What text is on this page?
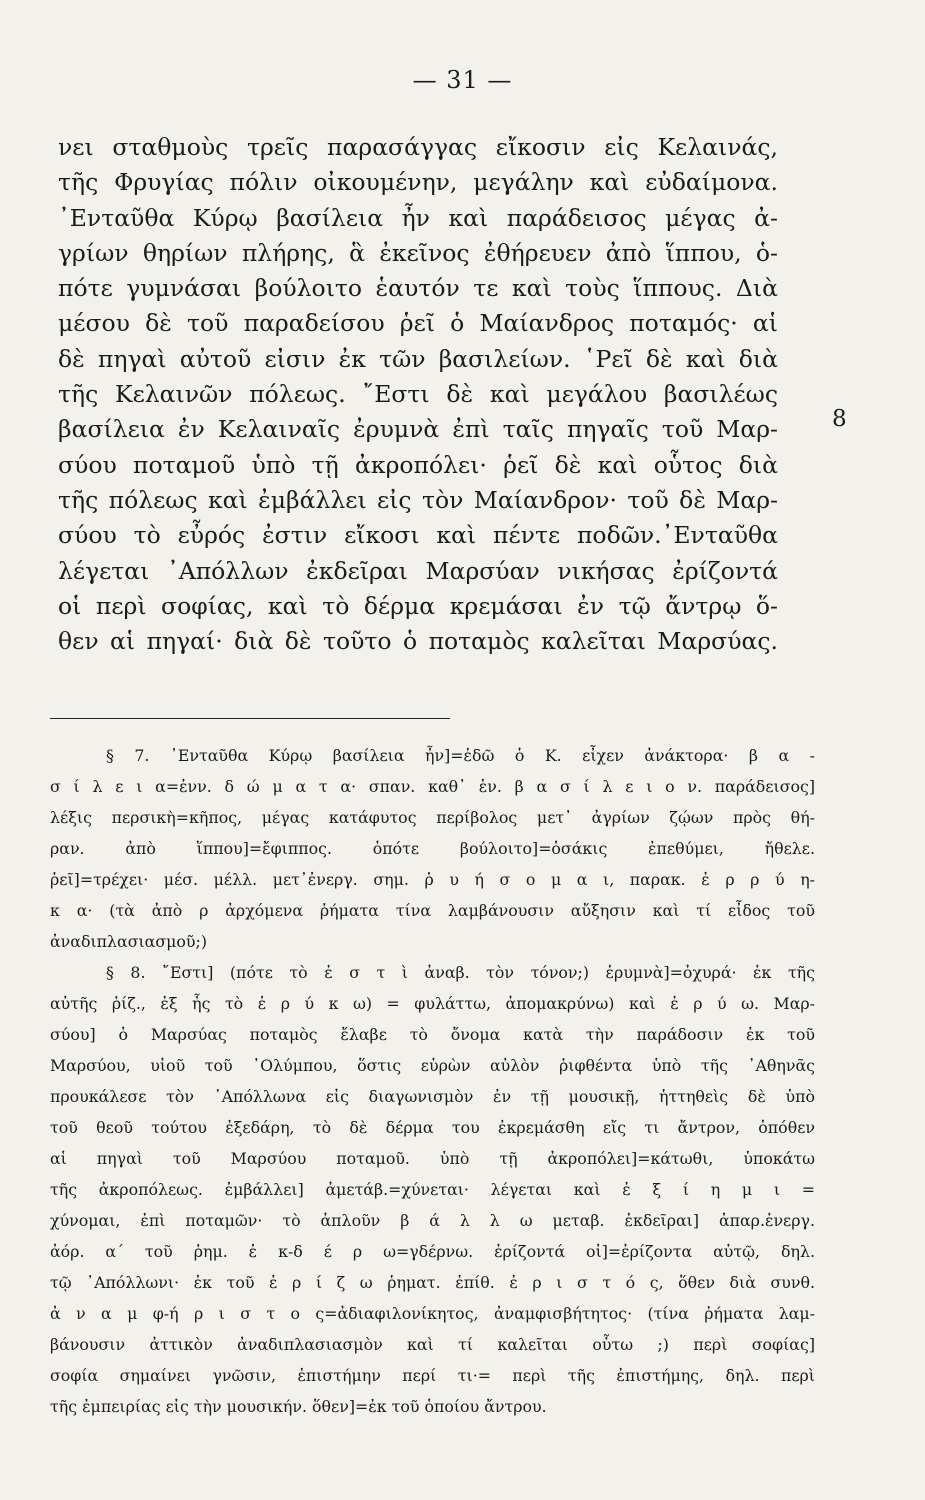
— 31 —
νει σταθμοὺς τρεῖς παρασάγγας εἴκοσιν εἰς Κελαινάς,
τῆς Φρυγίας πόλιν οἰκουμένην, μεγάλην καὶ εὐδαίμονα.
᾿Ενταῦθα Κύρῳ βασίλεια ἦν καὶ παράδεισος μέγας ἀ-
γρίων θηρίων πλήρης, ἃ ἐκεῖνος ἐθήρευεν ἀπὸ ἵππου, ὁ-
πότε γυμνάσαι βούλοιτο ἑαυτόν τε καὶ τοὺς ἵππους. Διὰ
μέσου δὲ τοῦ παραδείσου ῥεῖ ὁ Μαίανδρος ποταμός· αἱ
δὲ πηγαὶ αὐτοῦ εἰσιν ἐκ τῶν βασιλείων. ῾Ρεῖ δὲ καὶ διὰ
τῆς Κελαινῶν πόλεως. ῎Εστι δὲ καὶ μεγάλου βασιλέως
βασίλεια ἐν Κελαιναῖς ἐρυμνὰ ἐπὶ ταῖς πηγαῖς τοῦ Μαρ-
σύου ποταμοῦ ὑπὸ τῇ ἀκροπόλει· ῥεῖ δὲ καὶ οὗτος διὰ
τῆς πόλεως καὶ ἐμβάλλει εἰς τὸν Μαίανδρον· τοῦ δὲ Μαρ-
σύου τὸ εὖρός ἐστιν εἴκοσι καὶ πέντε ποδῶν.᾿Ενταῦθα
λέγεται ᾿Απόλλων ἐκδεῖραι Μαρσύαν νικήσας ἐρίζοντά
οἱ περὶ σοφίας, καὶ τὸ δέρμα κρεμάσαι ἐν τῷ ἄντρῳ ὅ-
θεν αἱ πηγαί· διὰ δὲ τοῦτο ὁ ποταμὸς καλεῖται Μαρσύας.
8
§ 7. ᾿Ενταῦθα Κύρῳ βασίλεια ἦν]=ἐδῶ ὁ Κ. εἶχεν ἀνάκτορα· β α -
σ ί λ ε ι α=ἐνν. δ ώ μ α τ α· σπαν. καθ᾿ ἑν. β α σ ί λ ε ι ο ν. παράδεισος]
λέξις περσικὴ=κῆπος, μέγας κατάφυτος περίβολος μετ᾿ ἀγρίων ζῴων πρὸς θή-
ραν. ἀπὸ ἵππου]=ἔφιππος. ὁπότε βούλοιτο]=ὁσάκις ἐπεθύμει, ἤθελε.
ῥεῖ]=τρέχει· μέσ. μέλλ. μετ᾿ἐνεργ. σημ. ῥ υ ή σ ο μ α ι, παρακ. ἐ ρ ρ ύ η-
κ α· (τὰ ἀπὸ ρ ἀρχόμενα ῥήματα τίνα λαμβάνουσιν αὔξησιν καὶ τί εἶδος τοῦ
ἀναδιπλασιασμοῦ;)
§ 8. ῎Εστι] (πότε τὸ ἐ σ τ ὶ ἀναβ. τὸν τόνον;) ἐρυμνὰ]=ὀχυρά· ἐκ τῆς
αὐτῆς ῥίζ., ἐξ ἧς τὸ ἐ ρ ύ κ ω) = φυλάττω, ἀπομακρύνω) καὶ ἐ ρ ύ ω. Μαρ-
σύου] ὁ Μαρσύας ποταμὸς ἔλαβε τὸ ὄνομα κατὰ τὴν παράδοσιν ἐκ τοῦ
Μαρσύου, υἱοῦ τοῦ ᾿Ολύμπου, ὅστις εὑρὼν αὐλὸν ῥιφθέντα ὑπὸ τῆς ᾿Αθηνᾶς
προυκάλεσε τὸν ᾿Απόλλωνα εἰς διαγωνισμὸν ἐν τῇ μουσικῇ, ἡττηθεὶς δὲ ὑπὸ
τοῦ θεοῦ τούτου ἐξεδάρη, τὸ δὲ δέρμα του ἐκρεμάσθη εἴς τι ἄντρον, ὁπόθεν
αἱ πηγαὶ τοῦ Μαρσύου ποταμοῦ. ὑπὸ τῇ ἀκροπόλει]=κάτωθι, ὑποκάτω
τῆς ἀκροπόλεως. ἐμβάλλει] ἀμετάβ.=χύνεται· λέγεται καὶ ἐ ξ ί η μ ι =
χύνομαι, ἐπὶ ποταμῶν· τὸ ἁπλοῦν β ά λ λ ω μεταβ. ἐκδεῖραι] ἀπαρ.ἐνεργ.
ἀόρ. α΄ τοῦ ῥημ. ἐ κ-δ έ ρ ω=γδέρνω. ἐρίζοντά οἱ]=ἐρίζοντα αὐτῷ, δηλ.
τῷ ᾿Απόλλωνι· ἐκ τοῦ ἐ ρ ί ζ ω ῥηματ. ἐπίθ. ἐ ρ ι σ τ ό ς, ὅθεν διὰ συνθ.
ἀ ν α μ φ-ή ρ ι σ τ ο ς=ἀδιαφιλονίκητος, ἀναμφισβήτητος· (τίνα ῥήματα λαμ-
βάνουσιν ἀττικὸν ἀναδιπλασιασμὸν καὶ τί καλεῖται οὗτω ;) περὶ σοφίας]
σοφία σημαίνει γνῶσιν, ἐπιστήμην περί τι·= περὶ τῆς ἐπιστήμης, δηλ. περὶ
τῆς ἐμπειρίας εἰς τὴν μουσικήν. ὅθεν]=ἐκ τοῦ ὁποίου ἄντρου.
